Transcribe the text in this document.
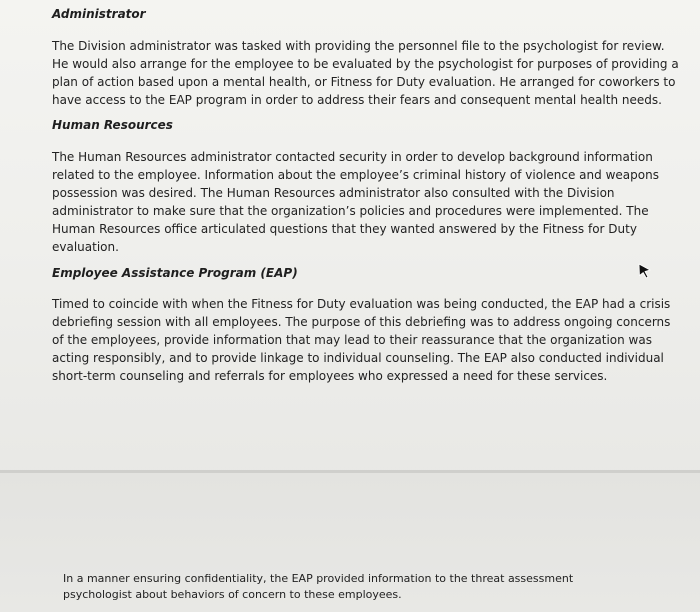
Administrator

The Division administrator was tasked with providing the personnel file to the psychologist for review.
He would also arrange for the employee to be evaluated by the psychologist for purposes of providing a
plan of action based upon a mental health, or Fitness for Duty evaluation. He arranged for coworkers to
have access to the EAP program in order to address their fears and consequent mental health needs.

Human Resources

The Human Resources administrator contacted security in order to develop background information
related to the employee. Information about the employee’s criminal history of violence and weapons
possession was desired. The Human Resources administrator also consulted with the Division
administrator to make sure that the organization’s policies and procedures were implemented. The
Human Resources office articulated questions that they wanted answered by the Fitness for Duty
evaluation.

Employee Assistance Program (EAP)

Timed to coincide with when the Fitness for Duty evaluation was being conducted, the EAP had a crisis
debriefing session with all employees. The purpose of this debriefing was to address ongoing concerns
of the employees, provide information that may lead to their reassurance that the organization was
acting responsibly, and to provide linkage to individual counseling. The EAP also conducted individual
short-term counseling and referrals for employees who expressed a need for these services.

In a manner ensuring confidentiality, the EAP provided information to the threat assessment
psychologist about behaviors of concern to these employees.
